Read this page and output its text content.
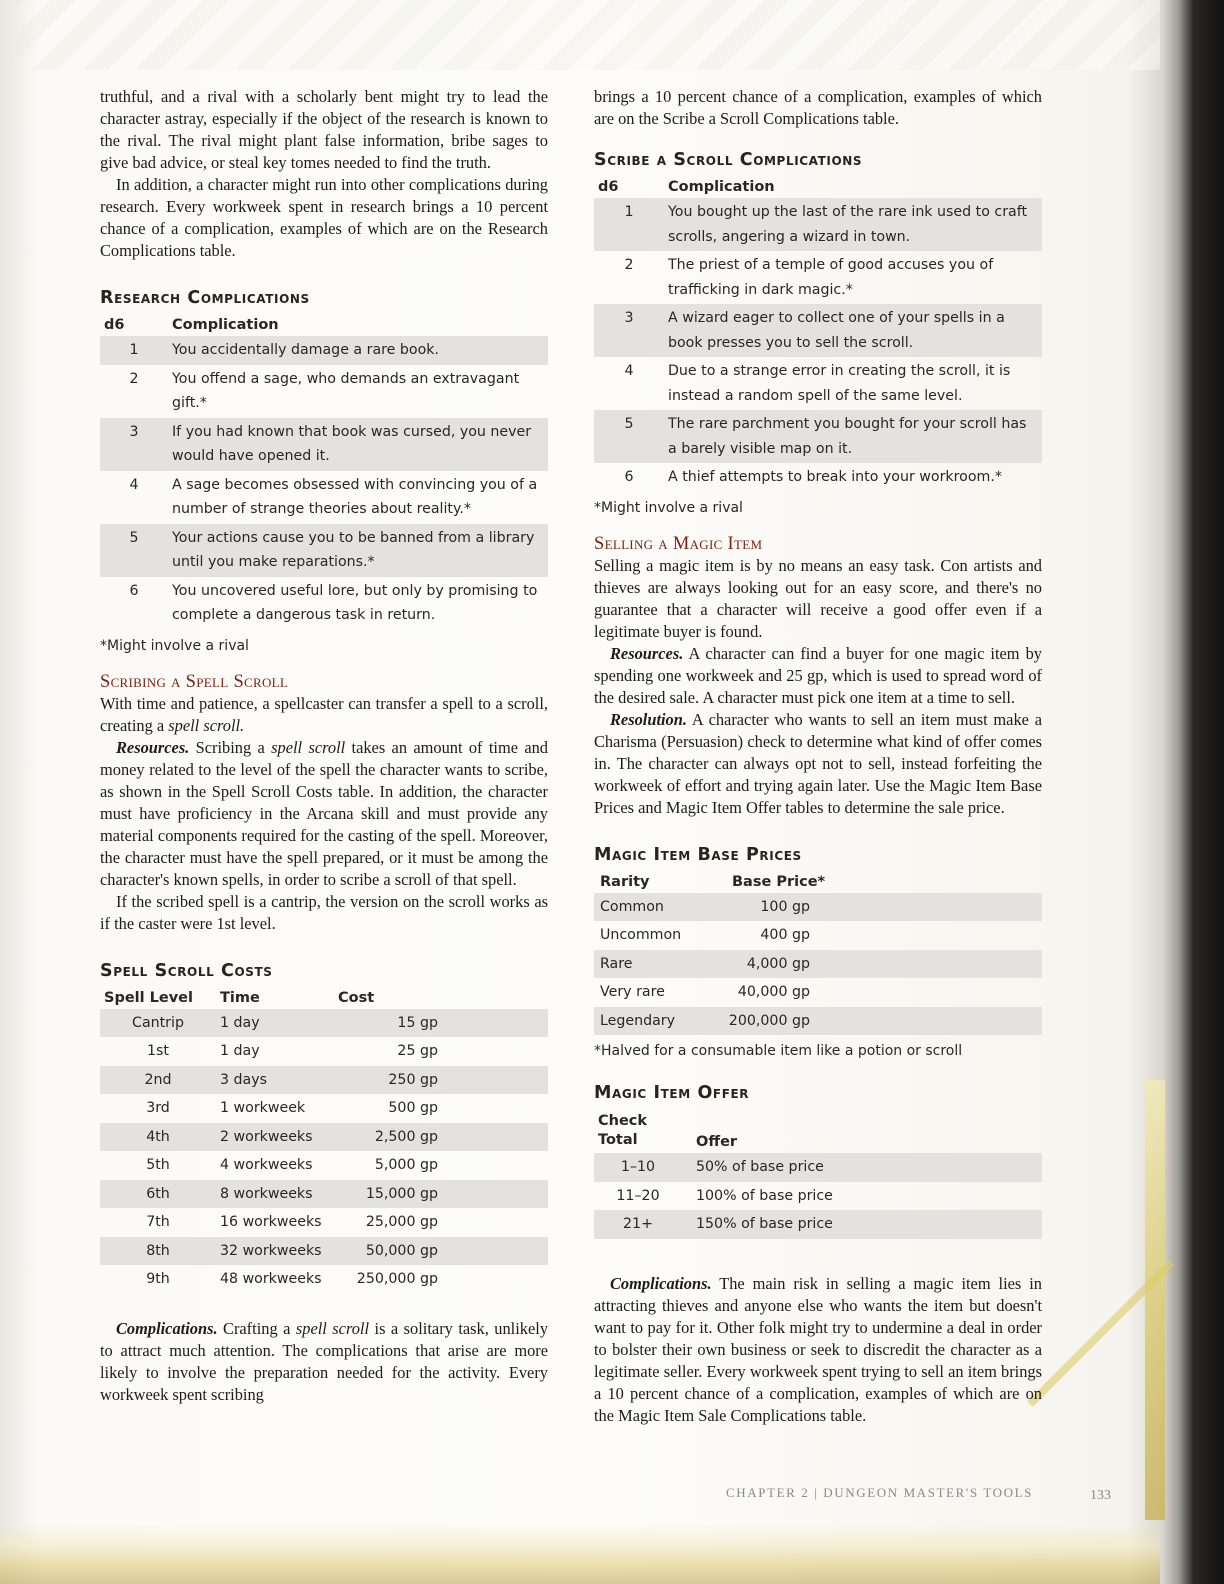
truthful, and a rival with a scholarly bent might try to lead the character astray, especially if the object of the research is known to the rival. The rival might plant false information, bribe sages to give bad advice, or steal key tomes needed to find the truth.

In addition, a character might run into other complications during research. Every workweek spent in research brings a 10 percent chance of a complication, examples of which are on the Research Complications table.

Research Complications
d6	Complication
1	You accidentally damage a rare book.
2	You offend a sage, who demands an extravagant gift.*
3	If you had known that book was cursed, you never would have opened it.
4	A sage becomes obsessed with convincing you of a number of strange theories about reality.*
5	Your actions cause you to be banned from a library until you make reparations.*
6	You uncovered useful lore, but only by promising to complete a dangerous task in return.
*Might involve a rival
Scribing a Spell Scroll

With time and patience, a spellcaster can transfer a spell to a scroll, creating a spell scroll.

Resources. Scribing a spell scroll takes an amount of time and money related to the level of the spell the character wants to scribe, as shown in the Spell Scroll Costs table. In addition, the character must have proficiency in the Arcana skill and must provide any material components required for the casting of the spell. Moreover, the character must have the spell prepared, or it must be among the character's known spells, in order to scribe a scroll of that spell.

If the scribed spell is a cantrip, the version on the scroll works as if the caster were 1st level.

Spell Scroll Costs
Spell Level	Time	Cost
Cantrip	1 day	15 gp
1st	1 day	25 gp
2nd	3 days	250 gp
3rd	1 workweek	500 gp
4th	2 workweeks	2,500 gp
5th	4 workweeks	5,000 gp
6th	8 workweeks	15,000 gp
7th	16 workweeks	25,000 gp
8th	32 workweeks	50,000 gp
9th	48 workweeks	250,000 gp

Complications. Crafting a spell scroll is a solitary task, unlikely to attract much attention. The complications that arise are more likely to involve the preparation needed for the activity. Every workweek spent scribing

brings a 10 percent chance of a complication, examples of which are on the Scribe a Scroll Complications table.

Scribe a Scroll Complications
d6	Complication
1	You bought up the last of the rare ink used to craft scrolls, angering a wizard in town.
2	The priest of a temple of good accuses you of trafficking in dark magic.*
3	A wizard eager to collect one of your spells in a book presses you to sell the scroll.
4	Due to a strange error in creating the scroll, it is instead a random spell of the same level.
5	The rare parchment you bought for your scroll has a barely visible map on it.
6	A thief attempts to break into your workroom.*
*Might involve a rival
Selling a Magic Item

Selling a magic item is by no means an easy task. Con artists and thieves are always looking out for an easy score, and there's no guarantee that a character will receive a good offer even if a legitimate buyer is found.

Resources. A character can find a buyer for one magic item by spending one workweek and 25 gp, which is used to spread word of the desired sale. A character must pick one item at a time to sell.

Resolution. A character who wants to sell an item must make a Charisma (Persuasion) check to determine what kind of offer comes in. The character can always opt not to sell, instead forfeiting the workweek of effort and trying again later. Use the Magic Item Base Prices and Magic Item Offer tables to determine the sale price.

Magic Item Base Prices
Rarity	Base Price*
Common	100 gp
Uncommon	400 gp
Rare	4,000 gp
Very rare	40,000 gp
Legendary	200,000 gp
*Halved for a consumable item like a potion or scroll
Magic Item Offer
Check
Total	Offer
1–10	50% of base price
11–20	100% of base price
21+	150% of base price

Complications. The main risk in selling a magic item lies in attracting thieves and anyone else who wants the item but doesn't want to pay for it. Other folk might try to undermine a deal in order to bolster their own business or seek to discredit the character as a legitimate seller. Every workweek spent trying to sell an item brings a 10 percent chance of a complication, examples of which are on the Magic Item Sale Complications table.

CHAPTER 2 | DUNGEON MASTER'S TOOLS	133
